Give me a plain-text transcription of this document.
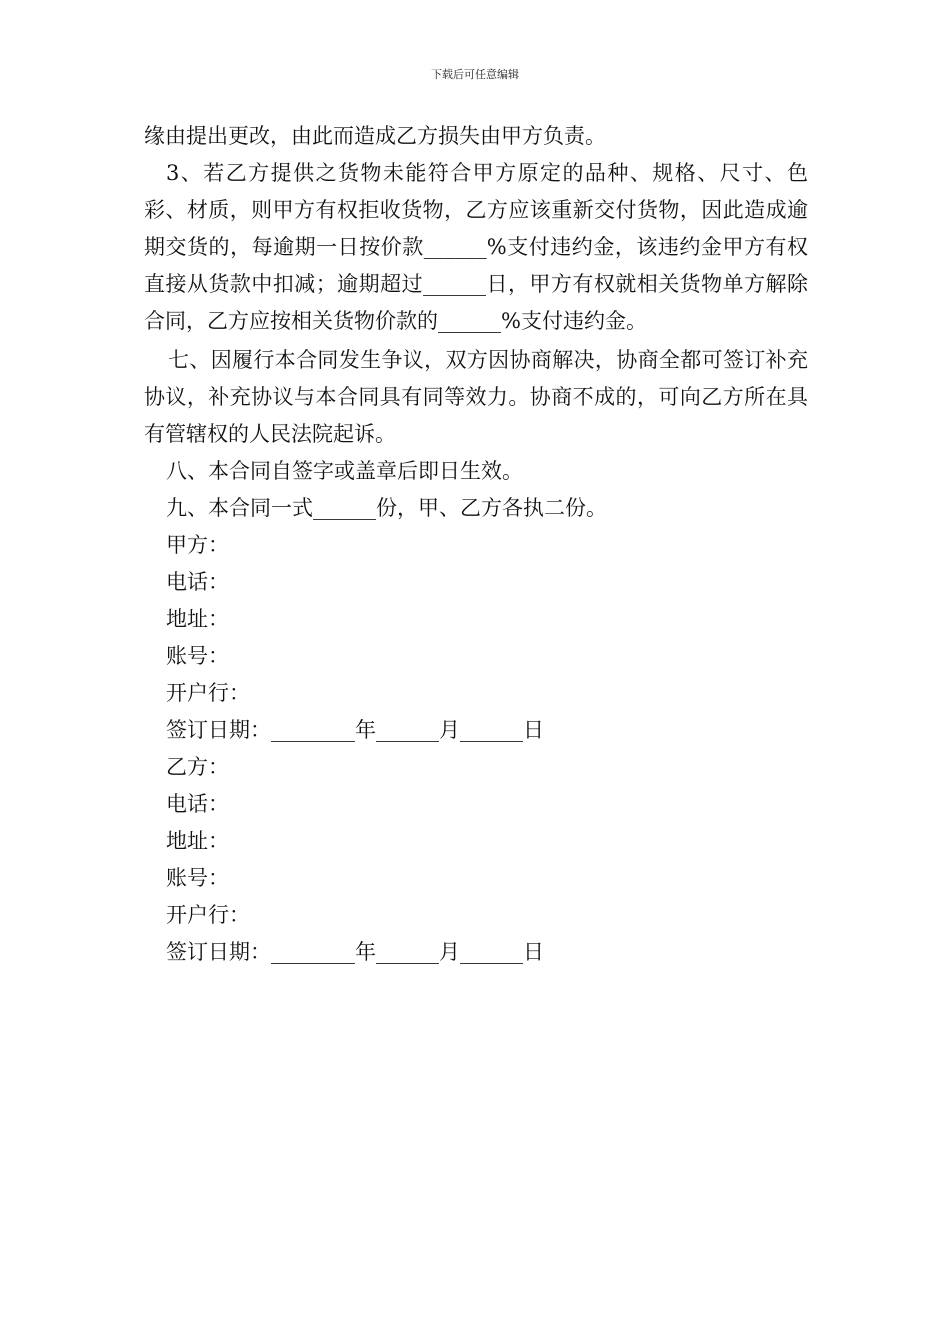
下载后可任意编辑

缘由提出更改，由此而造成乙方损失由甲方负责。

3、若乙方提供之货物未能符合甲方原定的品种、规格、尺寸、色彩、材质，则甲方有权拒收货物，乙方应该重新交付货物，因此造成逾期交货的，每逾期一日按价款______%支付违约金，该违约金甲方有权直接从货款中扣减；逾期超过______日，甲方有权就相关货物单方解除合同，乙方应按相关货物价款的______%支付违约金。

七、因履行本合同发生争议，双方因协商解决，协商全都可签订补充协议，补充协议与本合同具有同等效力。协商不成的，可向乙方所在具有管辖权的人民法院起诉。

八、本合同自签字或盖章后即日生效。

九、本合同一式______份，甲、乙方各执二份。

甲方：
电话：
地址：
账号：
开户行：
签订日期：________年______月______日
乙方：
电话：
地址：
账号：
开户行：
签订日期：________年______月______日
